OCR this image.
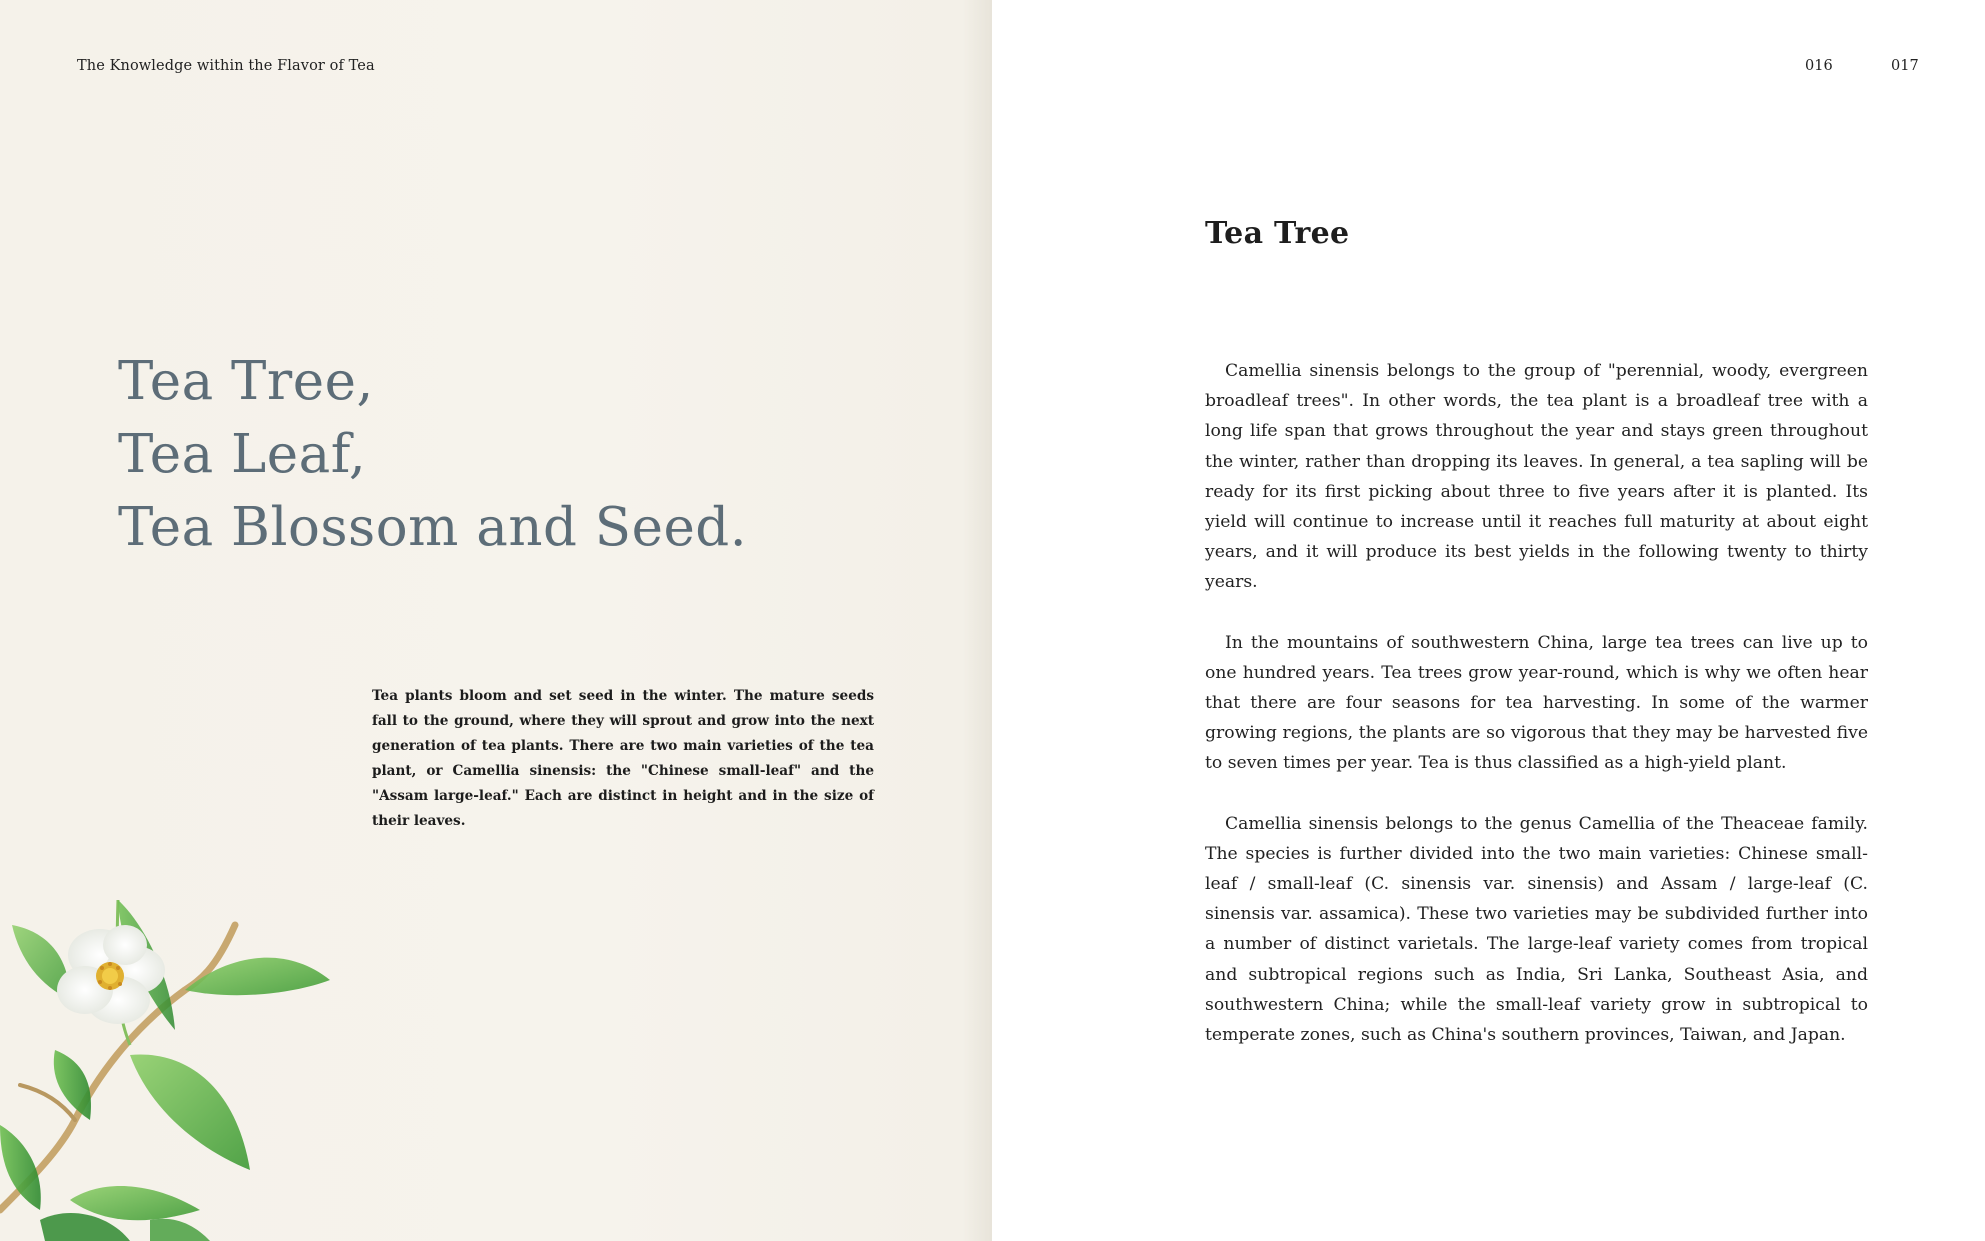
The Knowledge within the Flavor of Tea
Tea Tree,
Tea Leaf,
Tea Blossom and Seed.
Tea plants bloom and set seed in the winter. The mature seeds fall to the ground, where they will sprout and grow into the next generation of tea plants. There are two main varieties of the tea plant, or Camellia sinensis: the "Chinese small-leaf" and the "Assam large-leaf." Each are distinct in height and in the size of their leaves.
016	017
Tea Tree

Camellia sinensis belongs to the group of "perennial, woody, evergreen broadleaf trees". In other words, the tea plant is a broadleaf tree with a long life span that grows throughout the year and stays green throughout the winter, rather than dropping its leaves. In general, a tea sapling will be ready for its first picking about three to five years after it is planted. Its yield will continue to increase until it reaches full maturity at about eight years, and it will produce its best yields in the following twenty to thirty years.

In the mountains of southwestern China, large tea trees can live up to one hundred years. Tea trees grow year-round, which is why we often hear that there are four seasons for tea harvesting. In some of the warmer growing regions, the plants are so vigorous that they may be harvested five to seven times per year. Tea is thus classified as a high-yield plant.

Camellia sinensis belongs to the genus Camellia of the Theaceae family. The species is further divided into the two main varieties: Chinese small-leaf / small-leaf (C. sinensis var. sinensis) and Assam / large-leaf (C. sinensis var. assamica). These two varieties may be subdivided further into a number of distinct varietals. The large-leaf variety comes from tropical and subtropical regions such as India, Sri Lanka, Southeast Asia, and southwestern China; while the small-leaf variety grow in subtropical to temperate zones, such as China's southern provinces, Taiwan, and Japan.
